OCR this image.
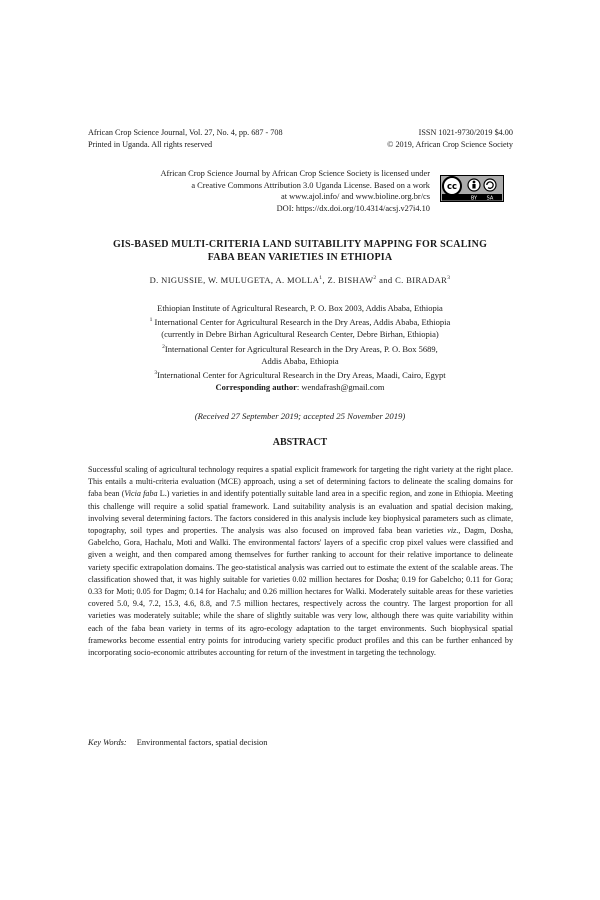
African Crop Science Journal, Vol. 27, No. 4, pp. 687 - 708
Printed in Uganda. All rights reserved
ISSN 1021-9730/2019 $4.00
© 2019, African Crop Science Society
African Crop Science Journal by African Crop Science Society is licensed under
a Creative Commons Attribution 3.0 Uganda License. Based on a work
at www.ajol.info/ and www.bioline.org.br/cs
DOI: https://dx.doi.org/10.4314/acsj.v27i4.10
cc
BY SA
GIS-BASED MULTI-CRITERIA LAND SUITABILITY MAPPING FOR SCALING
FABA BEAN VARIETIES IN ETHIOPIA
D. NIGUSSIE, W. MULUGETA, A. MOLLA$^1$, Z. BISHAW$^2$ and C. BIRADAR$^3$
Ethiopian Institute of Agricultural Research, P. O. Box 2003, Addis Ababa, Ethiopia
$^1$ International Center for Agricultural Research in the Dry Areas, Addis Ababa, Ethiopia
(currently in Debre Birhan Agricultural Research Center, Debre Birhan, Ethiopia)
$^2$International Center for Agricultural Research in the Dry Areas, P. O. Box 5689,
Addis Ababa, Ethiopia
$^3$International Center for Agricultural Research in the Dry Areas, Maadi, Cairo, Egypt
Corresponding author: wendafrash@gmail.com
(Received 27 September 2019; accepted 25 November 2019)
ABSTRACT
Successful scaling of agricultural technology requires a spatial explicit framework for targeting the right variety at the right place. This entails a multi-criteria evaluation (MCE) approach, using a set of determining factors to delineate the scaling domains for faba bean (Vicia faba L.) varieties in and identify potentially suitable land area in a specific region, and zone in Ethiopia. Meeting this challenge will require a solid spatial framework. Land suitability analysis is an evaluation and spatial decision making, involving several determining factors. The factors considered in this analysis include key biophysical parameters such as climate, topography, soil types and properties. The analysis was also focused on improved faba bean varieties viz., Dagm, Dosha, Gabelcho, Gora, Hachalu, Moti and Walki. The environmental factors' layers of a specific crop pixel values were classified and given a weight, and then compared among themselves for further ranking to account for their relative importance to delineate variety specific extrapolation domains. The geo-statistical analysis was carried out to estimate the extent of the scalable areas. The classification showed that, it was highly suitable for varieties 0.02 million hectares for Dosha; 0.19 for Gabelcho; 0.11 for Gora; 0.33 for Moti; 0.05 for Dagm; 0.14 for Hachalu; and 0.26 million hectares for Walki. Moderately suitable areas for these varieties covered 5.0, 9.4, 7.2, 15.3, 4.6, 8.8, and 7.5 million hectares, respectively across the country. The largest proportion for all varieties was moderately suitable; while the share of slightly suitable was very low, although there was quite variability within each of the faba bean variety in terms of its agro-ecology adaptation to the target environments. Such biophysical spatial frameworks become essential entry points for introducing variety specific product profiles and this can be further enhanced by incorporating socio-economic attributes accounting for return of the investment in targeting the technology.
Key Words: Environmental factors, spatial decision
